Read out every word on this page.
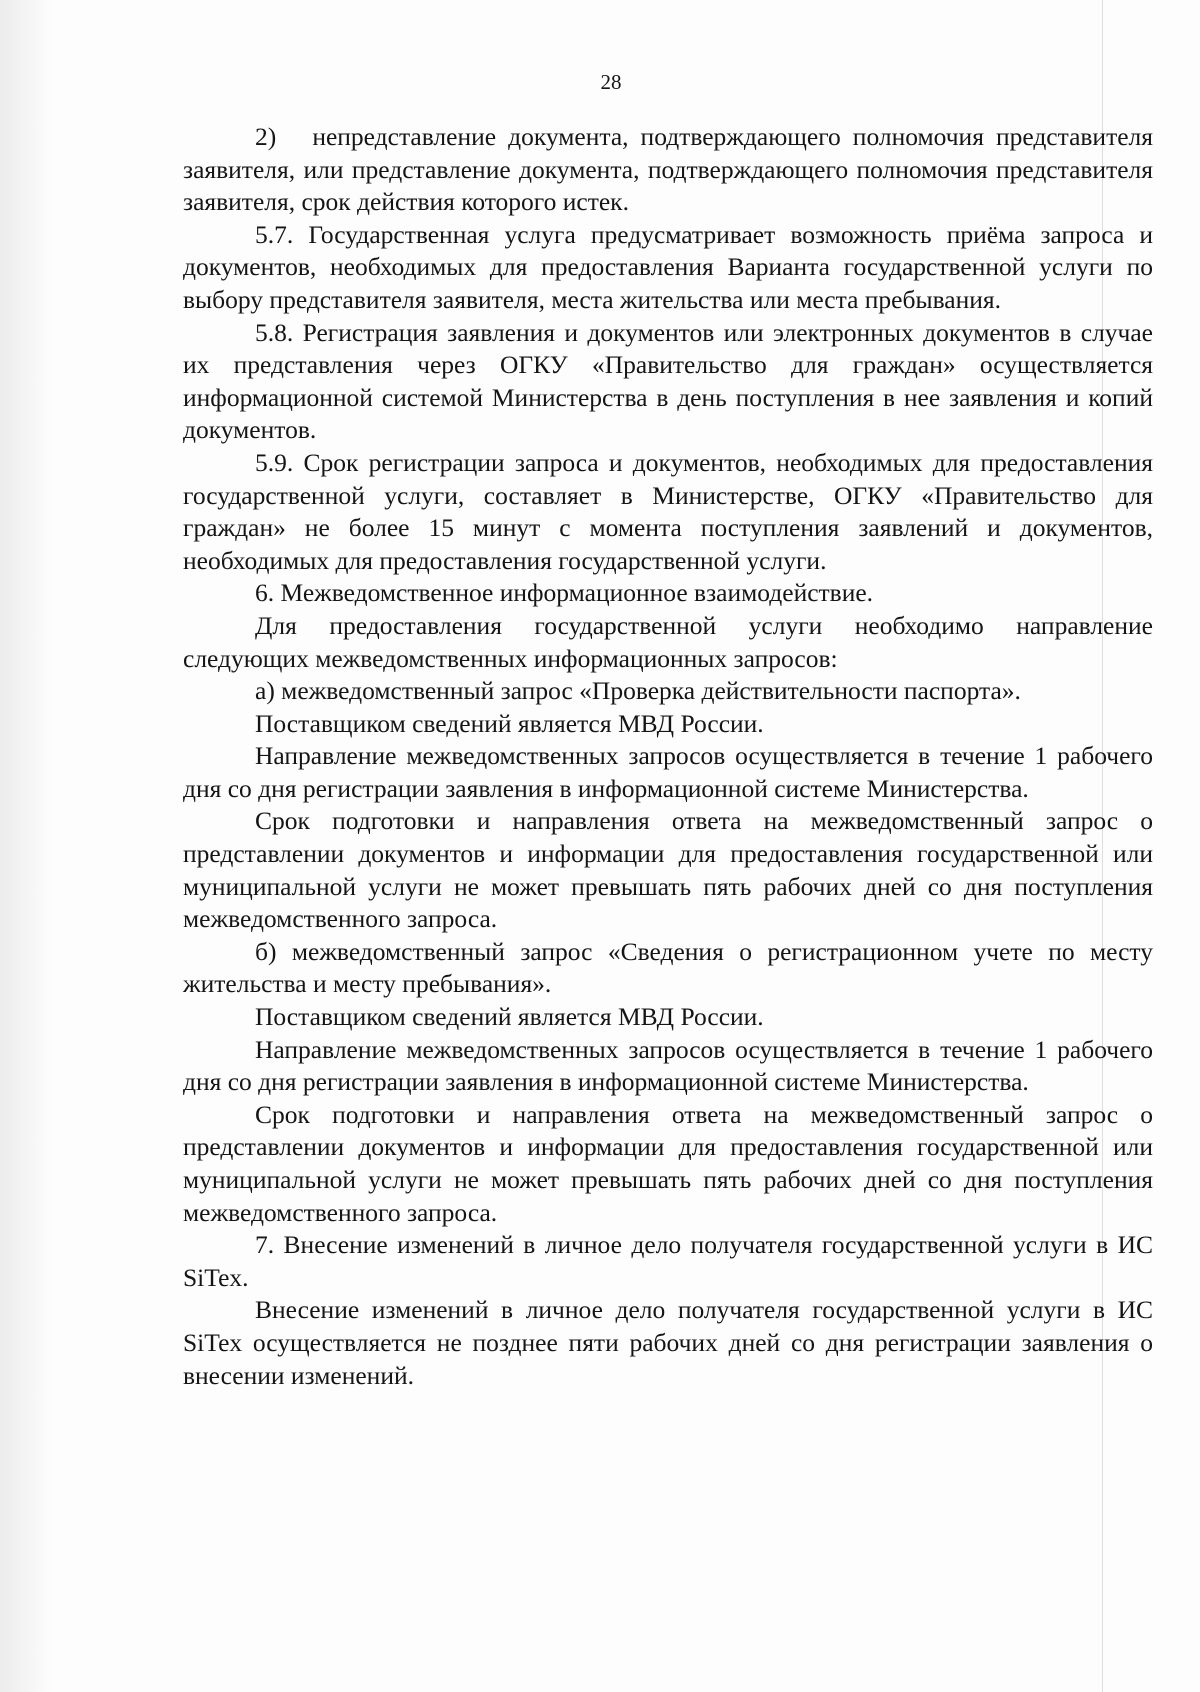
28

2)   непредставление документа, подтверждающего полномочия представителя заявителя, или представление документа, подтверждающего полномочия представителя заявителя, срок действия которого истек.

5.7. Государственная услуга предусматривает возможность приёма запроса и документов, необходимых для предоставления Варианта государственной услуги по выбору представителя заявителя, места жительства или места пребывания.

5.8. Регистрация заявления и документов или электронных документов в случае их представления через ОГКУ «Правительство для граждан» осуществляется информационной системой Министерства в день поступления в нее заявления и копий документов.

5.9. Срок регистрации запроса и документов, необходимых для предоставления государственной услуги, составляет в Министерстве, ОГКУ «Правительство для граждан» не более 15 минут с момента поступления заявлений и документов, необходимых для предоставления государственной услуги.

6. Межведомственное информационное взаимодействие.

Для предоставления государственной услуги необходимо направление следующих межведомственных информационных запросов:

а) межведомственный запрос «Проверка действительности паспорта».

Поставщиком сведений является МВД России.

Направление межведомственных запросов осуществляется в течение 1 рабочего дня со дня регистрации заявления в информационной системе Министерства.

Срок подготовки и направления ответа на межведомственный запрос о представлении документов и информации для предоставления государственной или муниципальной услуги не может превышать пять рабочих дней со дня поступления межведомственного запроса.

б) межведомственный запрос «Сведения о регистрационном учете по месту жительства и месту пребывания».

Поставщиком сведений является МВД России.

Направление межведомственных запросов осуществляется в течение 1 рабочего дня со дня регистрации заявления в информационной системе Министерства.

Срок подготовки и направления ответа на межведомственный запрос о представлении документов и информации для предоставления государственной или муниципальной услуги не может превышать пять рабочих дней со дня поступления межведомственного запроса.

7. Внесение изменений в личное дело получателя государственной услуги в ИС SiTex.

Внесение изменений в личное дело получателя государственной услуги в ИС SiTex осуществляется не позднее пяти рабочих дней со дня регистрации заявления о внесении изменений.
